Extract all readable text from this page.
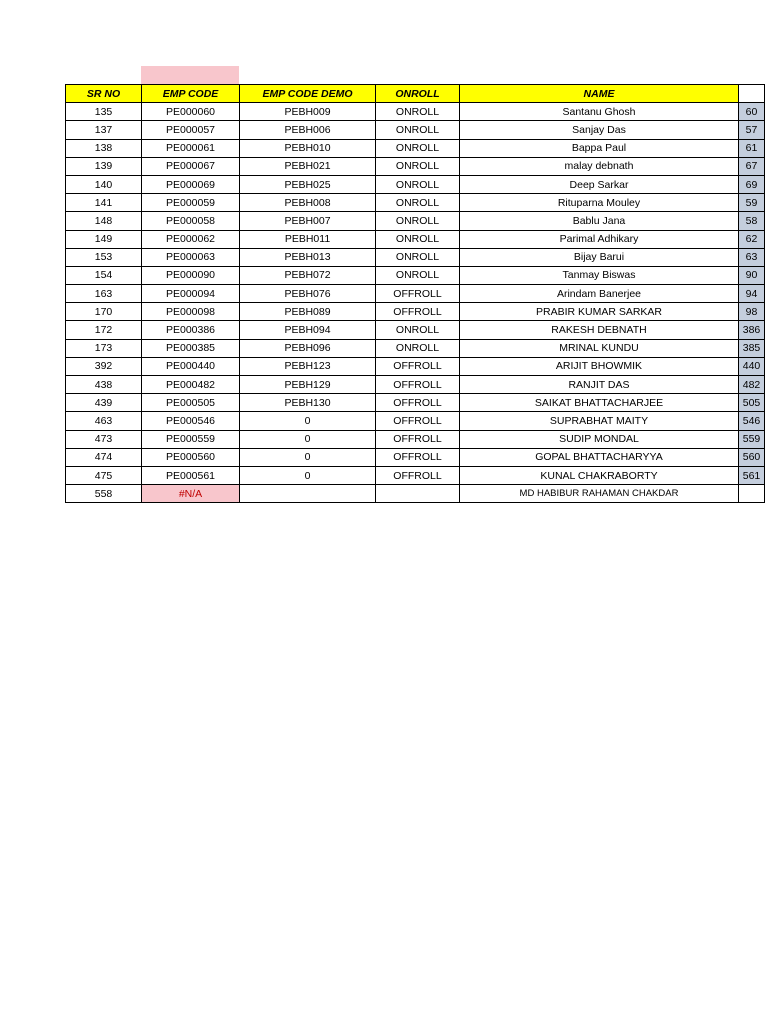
SR NO	EMP CODE	EMP CODE DEMO	ONROLL	NAME	
135	PE000060	PEBH009	ONROLL	Santanu Ghosh	60
137	PE000057	PEBH006	ONROLL	Sanjay Das	57
138	PE000061	PEBH010	ONROLL	Bappa Paul	61
139	PE000067	PEBH021	ONROLL	malay debnath	67
140	PE000069	PEBH025	ONROLL	Deep Sarkar	69
141	PE000059	PEBH008	ONROLL	Rituparna Mouley	59
148	PE000058	PEBH007	ONROLL	Bablu Jana	58
149	PE000062	PEBH011	ONROLL	Parimal Adhikary	62
153	PE000063	PEBH013	ONROLL	Bijay Barui	63
154	PE000090	PEBH072	ONROLL	Tanmay Biswas	90
163	PE000094	PEBH076	OFFROLL	Arindam Banerjee	94
170	PE000098	PEBH089	OFFROLL	PRABIR KUMAR SARKAR	98
172	PE000386	PEBH094	ONROLL	RAKESH DEBNATH	386
173	PE000385	PEBH096	ONROLL	MRINAL KUNDU	385
392	PE000440	PEBH123	OFFROLL	ARIJIT BHOWMIK	440
438	PE000482	PEBH129	OFFROLL	RANJIT DAS	482
439	PE000505	PEBH130	OFFROLL	SAIKAT BHATTACHARJEE	505
463	PE000546	0	OFFROLL	SUPRABHAT MAITY	546
473	PE000559	0	OFFROLL	SUDIP MONDAL	559
474	PE000560	0	OFFROLL	GOPAL BHATTACHARYYA	560
475	PE000561	0	OFFROLL	KUNAL CHAKRABORTY	561
558	#N/A			MD HABIBUR RAHAMAN CHAKDAR	
